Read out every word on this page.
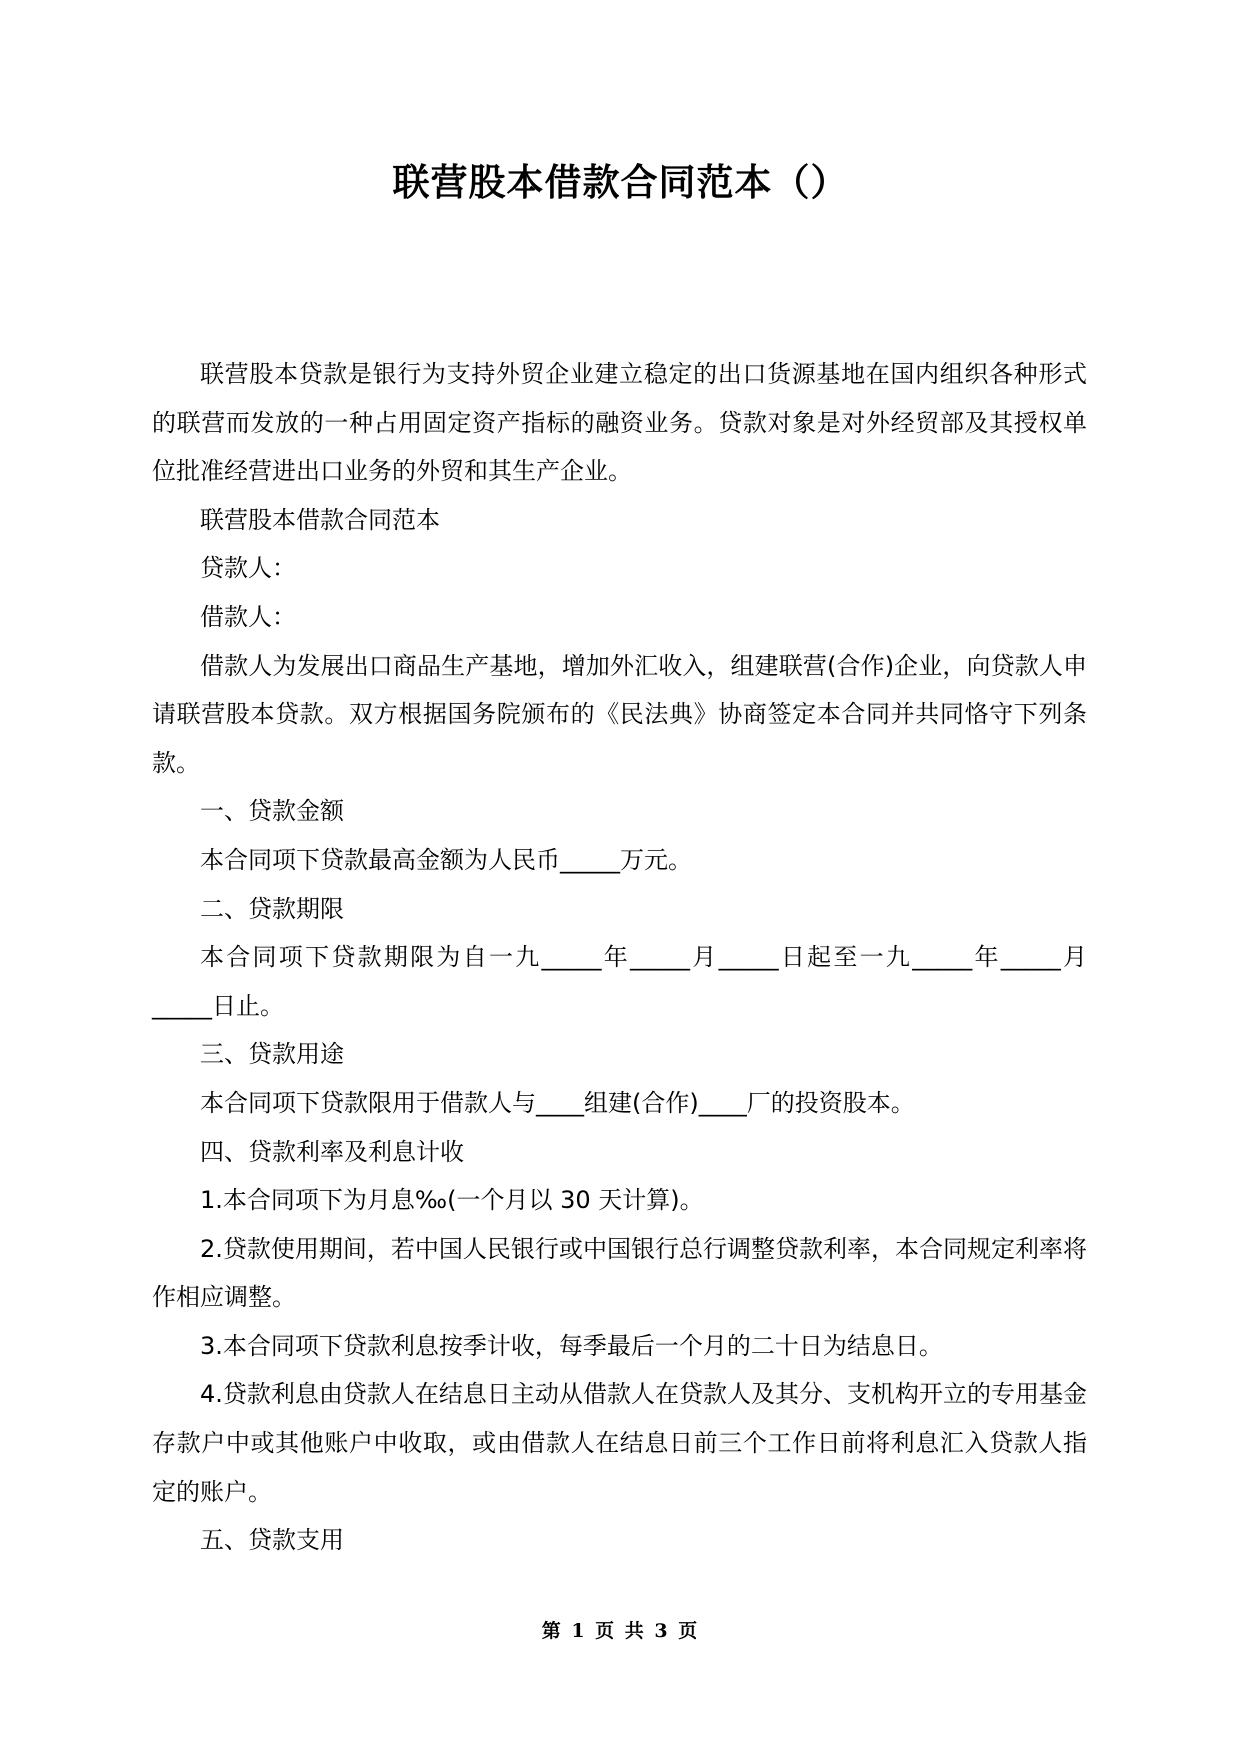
联营股本借款合同范本（）

联营股本贷款是银行为支持外贸企业建立稳定的出口货源基地在国内组织各种形式的联营而发放的一种占用固定资产指标的融资业务。贷款对象是对外经贸部及其授权单位批准经营进出口业务的外贸和其生产企业。

联营股本借款合同范本

贷款人：

借款人：

借款人为发展出口商品生产基地，增加外汇收入，组建联营(合作)企业，向贷款人申请联营股本贷款。双方根据国务院颁布的《民法典》协商签定本合同并共同恪守下列条款。

一、贷款金额

本合同项下贷款最高金额为人民币_____万元。

二、贷款期限

本合同项下贷款期限为自一九_____年_____月_____日起至一九_____年_____月_____日止。

三、贷款用途

本合同项下贷款限用于借款人与____组建(合作)____厂的投资股本。

四、贷款利率及利息计收

1.本合同项下为月息‰(一个月以 30 天计算)。

2.贷款使用期间，若中国人民银行或中国银行总行调整贷款利率，本合同规定利率将作相应调整。

3.本合同项下贷款利息按季计收，每季最后一个月的二十日为结息日。

4.贷款利息由贷款人在结息日主动从借款人在贷款人及其分、支机构开立的专用基金存款户中或其他账户中收取，或由借款人在结息日前三个工作日前将利息汇入贷款人指定的账户。

五、贷款支用

第 1 页 共 3 页
